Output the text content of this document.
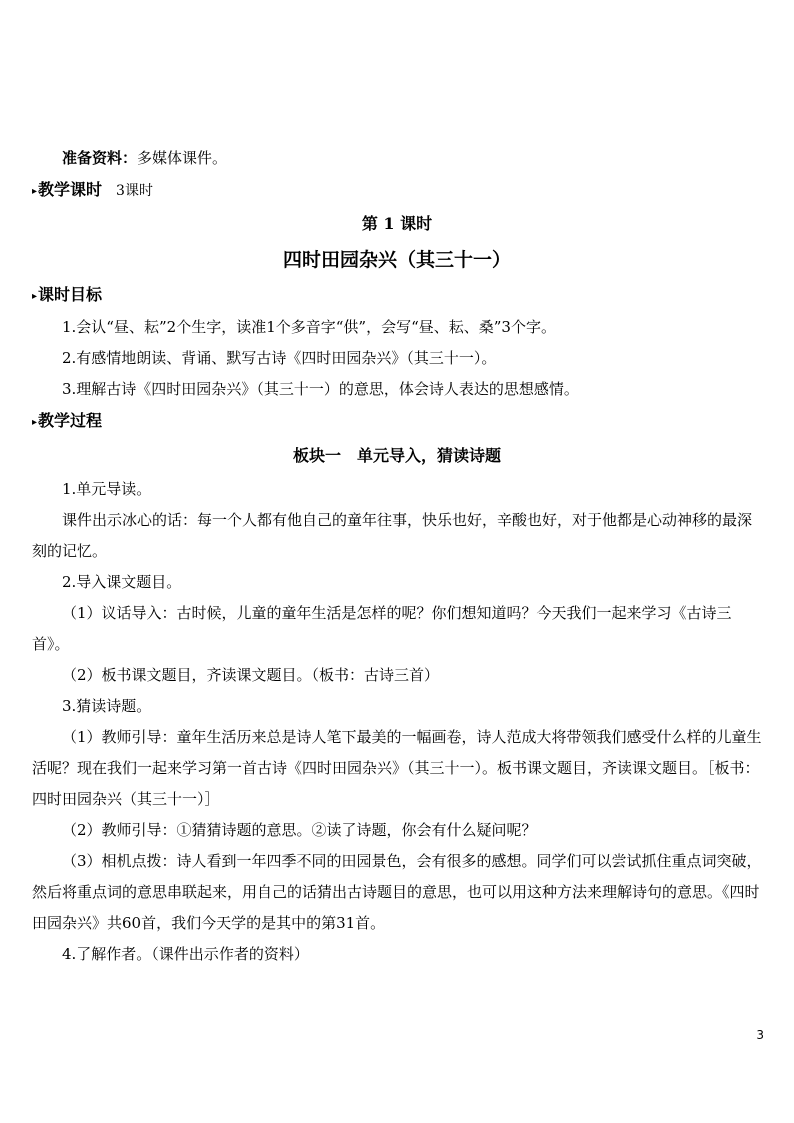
准备资料：多媒体课件。

▸教学课时 3课时

第 1 课时

四时田园杂兴（其三十一）

▸课时目标

1.会认“昼、耘”2个生字，读准1个多音字“供”，会写“昼、耘、桑”3个字。

2.有感情地朗读、背诵、默写古诗《四时田园杂兴》（其三十一）。

3.理解古诗《四时田园杂兴》（其三十一）的意思，体会诗人表达的思想感情。

▸教学过程

板块一　单元导入，猜读诗题

1.单元导读。

课件出示冰心的话：每一个人都有他自己的童年往事，快乐也好，辛酸也好，对于他都是心动神移的最深刻的记忆。

2.导入课文题目。

（1）议话导入：古时候，儿童的童年生活是怎样的呢？你们想知道吗？今天我们一起来学习《古诗三首》。

（2）板书课文题目，齐读课文题目。（板书：古诗三首）

3.猜读诗题。

（1）教师引导：童年生活历来总是诗人笔下最美的一幅画卷，诗人范成大将带领我们感受什么样的儿童生活呢？现在我们一起来学习第一首古诗《四时田园杂兴》（其三十一）。板书课文题目，齐读课文题目。［板书：四时田园杂兴（其三十一）］

（2）教师引导：①猜猜诗题的意思。②读了诗题，你会有什么疑问呢？

（3）相机点拨：诗人看到一年四季不同的田园景色，会有很多的感想。同学们可以尝试抓住重点词突破，然后将重点词的意思串联起来，用自己的话猜出古诗题目的意思，也可以用这种方法来理解诗句的意思。《四时田园杂兴》共60首，我们今天学的是其中的第31首。

4.了解作者。（课件出示作者的资料）

3
